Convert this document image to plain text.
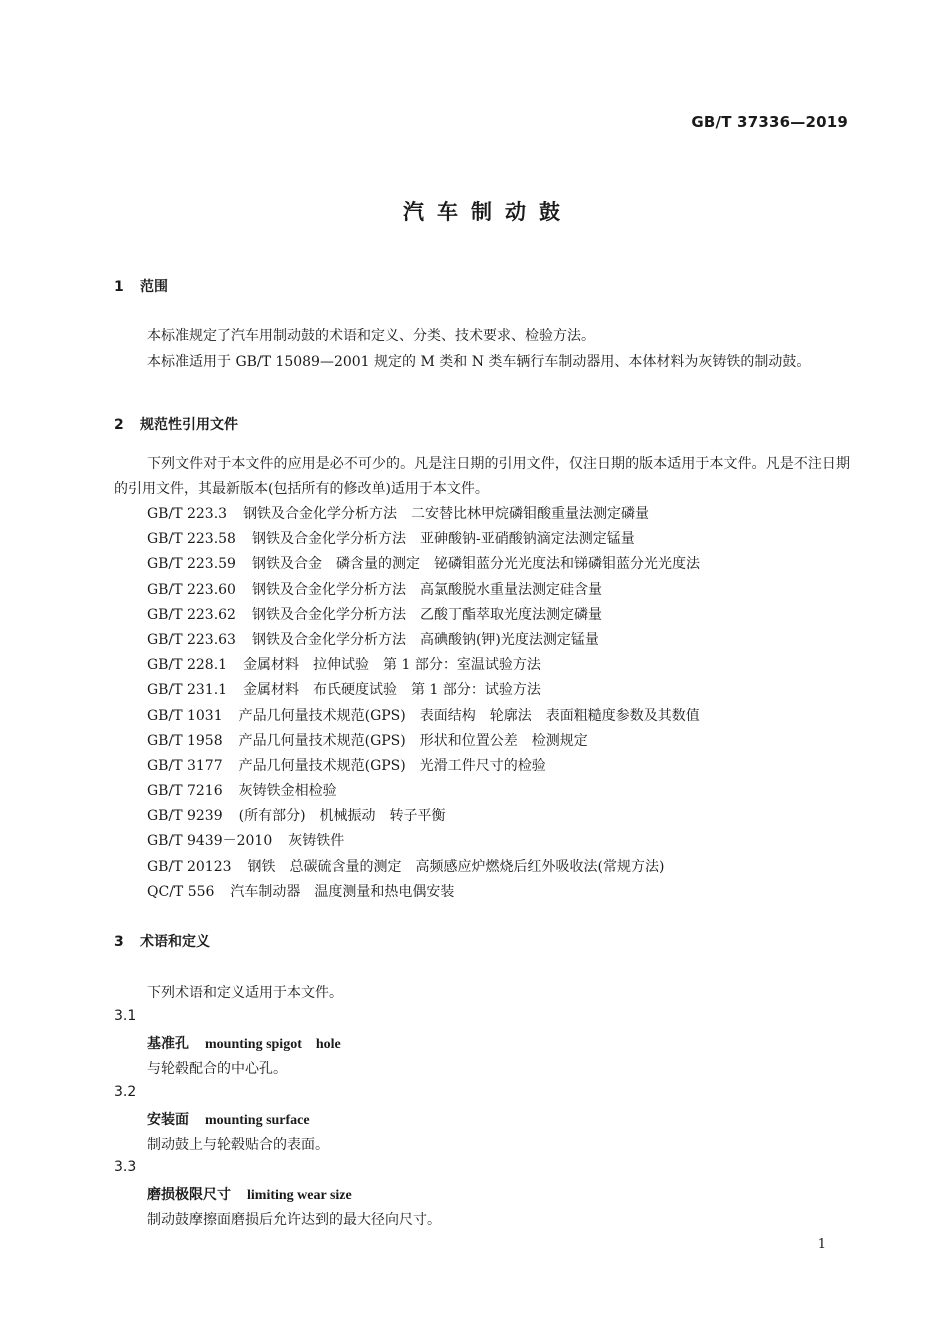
GB/T 37336—2019
汽车制动鼓
1 范围
本标准规定了汽车用制动鼓的术语和定义、分类、技术要求、检验方法。
本标准适用于 GB/T 15089—2001 规定的 M 类和 N 类车辆行车制动器用、本体材料为灰铸铁的制动鼓。
2 规范性引用文件
下列文件对于本文件的应用是必不可少的。凡是注日期的引用文件，仅注日期的版本适用于本文件。凡是不注日期的引用文件，其最新版本(包括所有的修改单)适用于本文件。
GB/T 223.3 钢铁及合金化学分析方法　二安替比林甲烷磷钼酸重量法测定磷量
GB/T 223.58 钢铁及合金化学分析方法　亚砷酸钠-亚硝酸钠滴定法测定锰量
GB/T 223.59 钢铁及合金　磷含量的测定　铋磷钼蓝分光光度法和锑磷钼蓝分光光度法
GB/T 223.60 钢铁及合金化学分析方法　高氯酸脱水重量法测定硅含量
GB/T 223.62 钢铁及合金化学分析方法　乙酸丁酯萃取光度法测定磷量
GB/T 223.63 钢铁及合金化学分析方法　高碘酸钠(钾)光度法测定锰量
GB/T 228.1 金属材料　拉伸试验　第 1 部分：室温试验方法
GB/T 231.1 金属材料　布氏硬度试验　第 1 部分：试验方法
GB/T 1031 产品几何量技术规范(GPS)　表面结构　轮廓法　表面粗糙度参数及其数值
GB/T 1958 产品几何量技术规范(GPS)　形状和位置公差　检测规定
GB/T 3177 产品几何量技术规范(GPS)　光滑工件尺寸的检验
GB/T 7216 灰铸铁金相检验
GB/T 9239 (所有部分)　机械振动　转子平衡
GB/T 9439－2010 灰铸铁件
GB/T 20123 钢铁　总碳硫含量的测定　高频感应炉燃烧后红外吸收法(常规方法)
QC/T 556 汽车制动器　温度测量和热电偶安装
3 术语和定义
下列术语和定义适用于本文件。
3.1
基准孔 mounting spigot　hole
与轮毂配合的中心孔。
3.2
安装面 mounting surface
制动鼓上与轮毂贴合的表面。
3.3
磨损极限尺寸 limiting wear size
制动鼓摩擦面磨损后允许达到的最大径向尺寸。
1
